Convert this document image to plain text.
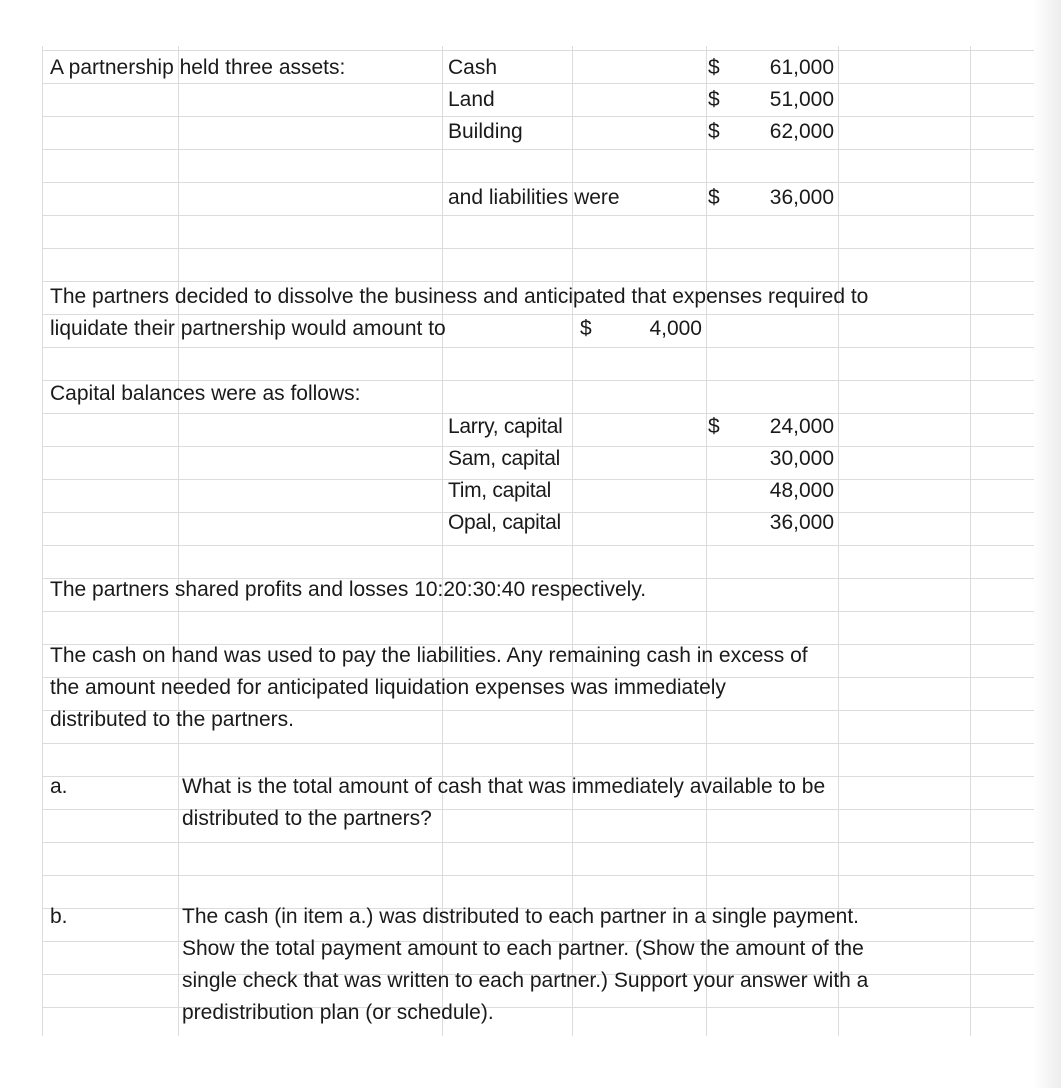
A partnership held three assets:	Cash	$	61,000
Land	$	51,000
Building	$	62,000
and liabilities were	$	36,000
The partners decided to dissolve the business and anticipated that expenses required to
liquidate their partnership would amount to	$	4,000
Capital balances were as follows:
Larry, capital	$	24,000
Sam, capital	30,000
Tim, capital	48,000
Opal, capital	36,000
The partners shared profits and losses 10:20:30:40 respectively.
The cash on hand was used to pay the liabilities. Any remaining cash in excess of
the amount needed for anticipated liquidation expenses was immediately
distributed to the partners.
a.	What is the total amount of cash that was immediately available to be
distributed to the partners?
b.	The cash (in item a.) was distributed to each partner in a single payment.
Show the total payment amount to each partner. (Show the amount of the
single check that was written to each partner.) Support your answer with a
predistribution plan (or schedule).
